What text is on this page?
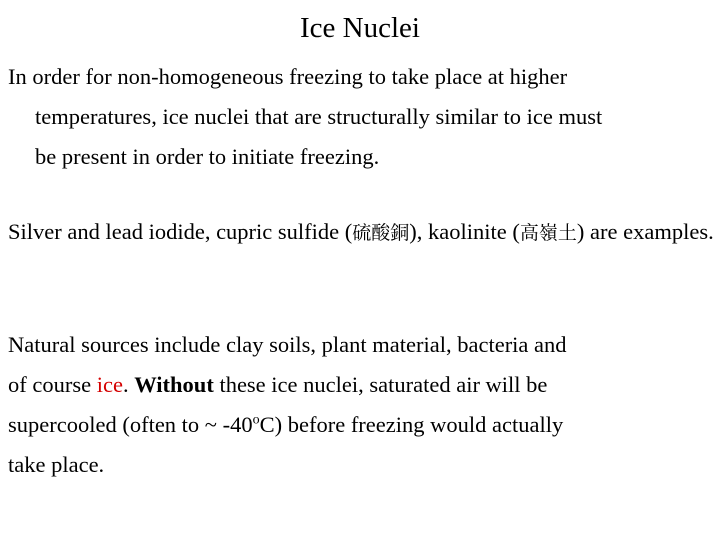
Ice Nuclei
In order for non-homogeneous freezing to take place at higher
temperatures, ice nuclei that are structurally similar to ice must
be present in order to initiate freezing.
Silver and lead iodide, cupric sulfide (硫酸銅), kaolinite (高嶺土) are examples.
Natural sources include clay soils, plant material, bacteria and
of course ice. Without these ice nuclei, saturated air will be
supercooled (often to ~ -40$^o$C) before freezing would actually
take place.
